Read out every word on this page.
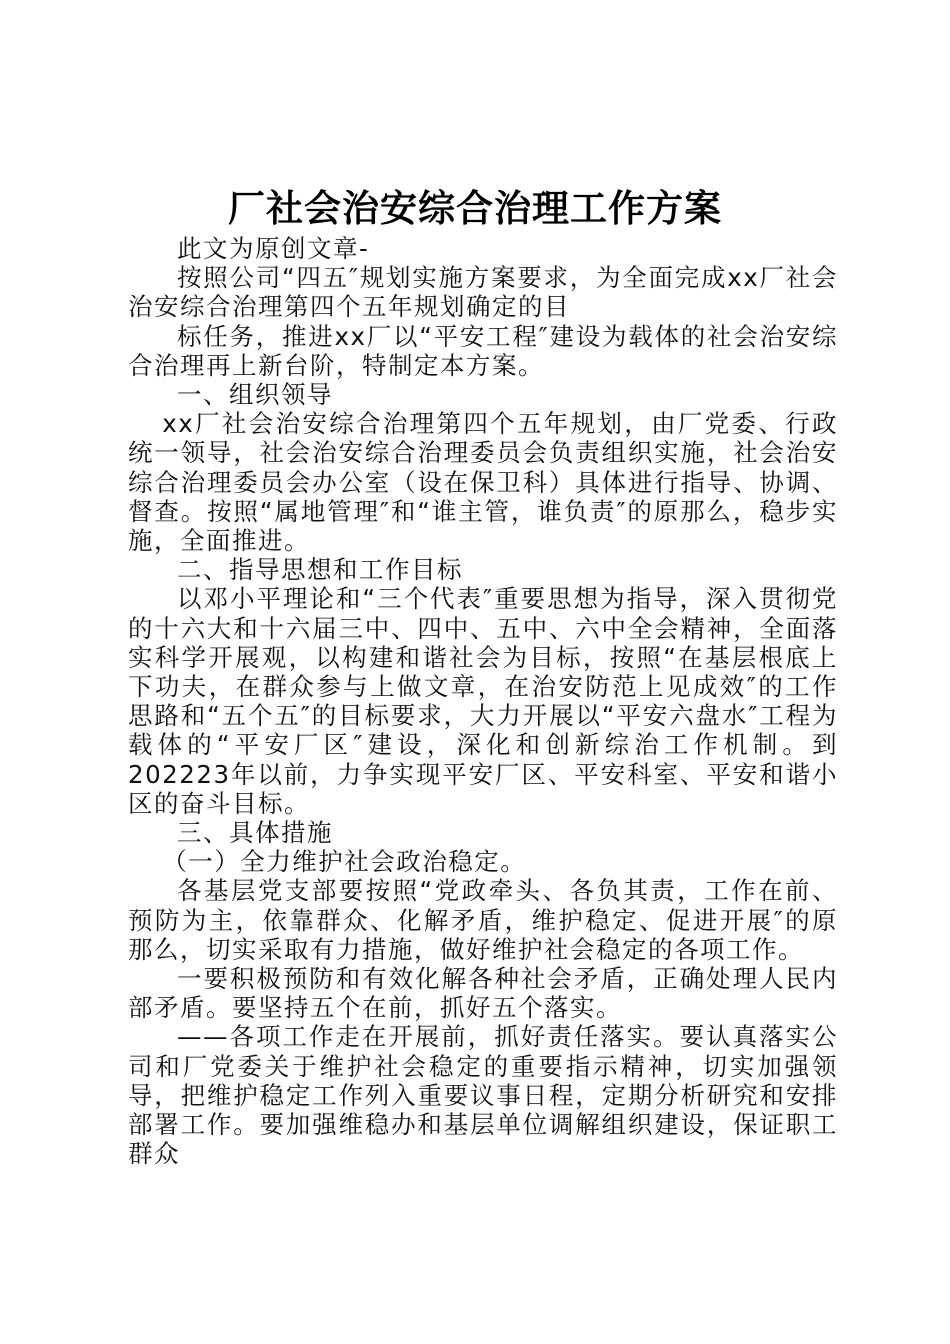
厂社会治安综合治理工作方案

此文为原创文章-

按照公司“四五″规划实施方案要求，为全面完成xx厂社会治安综合治理第四个五年规划确定的目

标任务，推进xx厂以“平安工程″建设为载体的社会治安综合治理再上新台阶，特制定本方案。

一、组织领导

xx厂社会治安综合治理第四个五年规划，由厂党委、行政统一领导，社会治安综合治理委员会负责组织实施，社会治安综合治理委员会办公室（设在保卫科）具体进行指导、协调、督查。按照“属地管理″和“谁主管，谁负责″的原那么，稳步实施，全面推进。

二、指导思想和工作目标

以邓小平理论和“三个代表″重要思想为指导，深入贯彻党的十六大和十六届三中、四中、五中、六中全会精神，全面落实科学开展观，以构建和谐社会为目标，按照“在基层根底上下功夫，在群众参与上做文章，在治安防范上见成效″的工作思路和“五个五″的目标要求，大力开展以“平安六盘水″工程为载体的“平安厂区″建设，深化和创新综治工作机制。到202223年以前，力争实现平安厂区、平安科室、平安和谐小区的奋斗目标。

三、具体措施

（一）全力维护社会政治稳定。

各基层党支部要按照“党政牵头、各负其责，工作在前、预防为主，依靠群众、化解矛盾，维护稳定、促进开展″的原那么，切实采取有力措施，做好维护社会稳定的各项工作。

一要积极预防和有效化解各种社会矛盾，正确处理人民内部矛盾。要坚持五个在前，抓好五个落实。

——各项工作走在开展前，抓好责任落实。要认真落实公司和厂党委关于维护社会稳定的重要指示精神，切实加强领导，把维护稳定工作列入重要议事日程，定期分析研究和安排部署工作。要加强维稳办和基层单位调解组织建设，保证职工群众
